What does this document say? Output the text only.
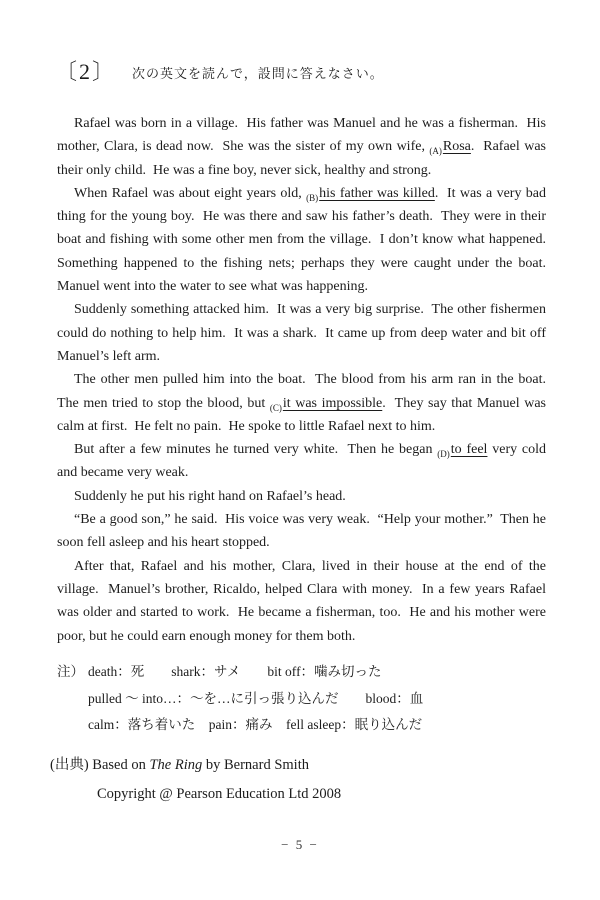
〔2〕 次の英文を読んで，設問に答えなさい。

Rafael was born in a village.  His father was Manuel and he was a fisherman.  His mother, Clara, is dead now.  She was the sister of my own wife, $_{(A)}$Rosa.  Rafael was their only child.  He was a fine boy, never sick, healthy and strong.

When Rafael was about eight years old, $_{(B)}$his father was killed.  It was a very bad thing for the young boy.  He was there and saw his father’s death.  They were in their boat and fishing with some other men from the village.  I don’t know what happened.  Something happened to the fishing nets; perhaps they were caught under the boat.  Manuel went into the water to see what was happening.

Suddenly something attacked him.  It was a very big surprise.  The other fishermen could do nothing to help him.  It was a shark.  It came up from deep water and bit off Manuel’s left arm.

The other men pulled him into the boat.  The blood from his arm ran in the boat.  The men tried to stop the blood, but $_{(C)}$it was impossible.  They say that Manuel was calm at first.  He felt no pain.  He spoke to little Rafael next to him.

But after a few minutes he turned very white.  Then he began $_{(D)}$to feel very cold and became very weak.

Suddenly he put his right hand on Rafael’s head.

“Be a good son,” he said.  His voice was very weak.  “Help your mother.”  Then he soon fell asleep and his heart stopped.

After that, Rafael and his mother, Clara, lived in their house at the end of the village.  Manuel’s brother, Ricaldo, helped Clara with money.  In a few years Rafael was older and started to work.  He became a fisherman, too.  He and his mother were poor, but he could earn enough money for them both.

注） death：死　　shark：サメ　　bit off：噛み切った
pulled ～ into…：～を…に引っ張り込んだ　　blood：血
calm：落ち着いた　pain：痛み　fell asleep：眠り込んだ
(出典) Based on The Ring by Bernard Smith
Copyright @ Pearson Education Ltd 2008
− 5 −
